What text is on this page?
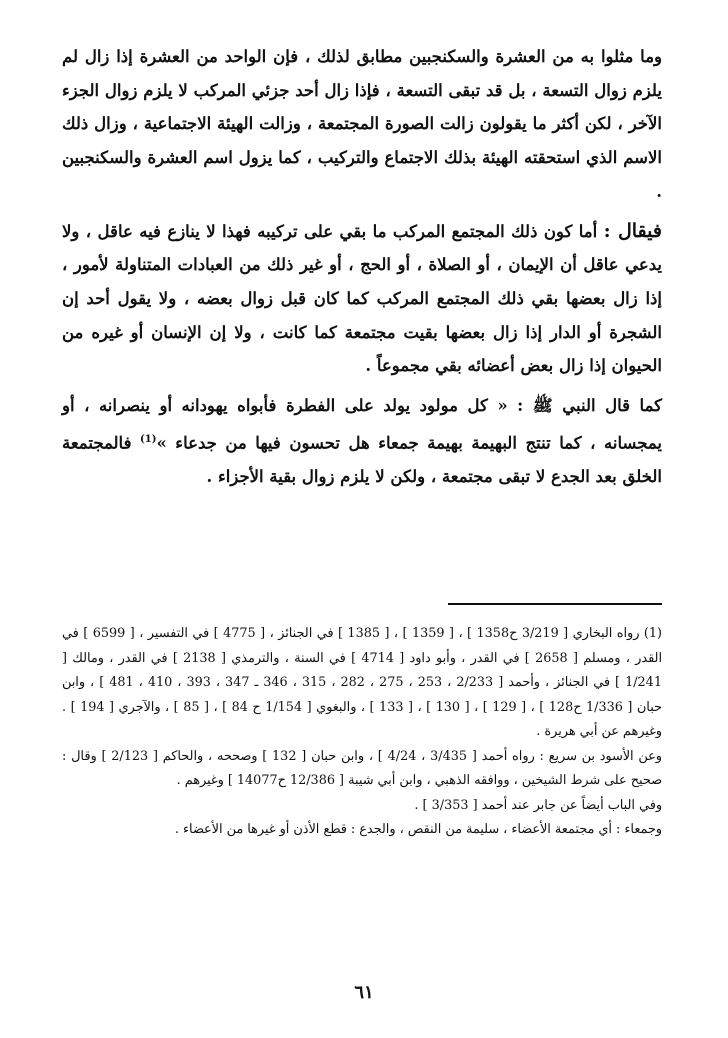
وما مثلوا به من العشرة والسكنجبين مطابق لذلك ، فإن الواحد من العشرة إذا زال لم يلزم زوال التسعة ، بل قد تبقى التسعة ، فإذا زال أحد جزئي المركب لا يلزم زوال الجزء الآخر ، لكن أكثر ما يقولون زالت الصورة المجتمعة ، وزالت الهيئة الاجتماعية ، وزال ذلك الاسم الذي استحقته الهيئة بذلك الاجتماع والتركيب ، كما يزول اسم العشرة والسكنجبين .

فيقال : أما كون ذلك المجتمع المركب ما بقي على تركيبه فهذا لا ينازع فيه عاقل ، ولا يدعي عاقل أن الإيمان ، أو الصلاة ، أو الحج ، أو غير ذلك من العبادات المتناولة لأمور ، إذا زال بعضها بقي ذلك المجتمع المركب كما كان قبل زوال بعضه ، ولا يقول أحد إن الشجرة أو الدار إذا زال بعضها بقيت مجتمعة كما كانت ، ولا إن الإنسان أو غيره من الحيوان إذا زال بعض أعضائه بقي مجموعاً .

كما قال النبي ﷺ : « كل مولود يولد على الفطرة فأبواه يهودانه أو ينصرانه ، أو يمجسانه ، كما تنتج البهيمة بهيمة جمعاء هل تحسون فيها من جدعاء »$^{(1)}$ فالمجتمعة الخلق بعد الجدع لا تبقى مجتمعة ، ولكن لا يلزم زوال بقية الأجزاء .

(1) رواه البخاري [ 3/219 ح1358 ] ، [ 1359 ] ، [ 1385 ] في الجنائز ، [ 4775 ] في التفسير ، [ 6599 ] في القدر ، ومسلم [ 2658 ] في القدر ، وأبو داود [ 4714 ] في السنة ، والترمذي [ 2138 ] في القدر ، ومالك [ 1/241 ] في الجنائز ، وأحمد [ 2/233 ، 253 ، 275 ، 282 ، 315 ، 346 ـ 347 ، 393 ، 410 ، 481 ] ، وابن حبان [ 1/336 ح128 ] ، [ 129 ] ، [ 130 ] ، [ 133 ] ، والبغوي [ 1/154 ح 84 ] ، [ 85 ] ، والآجري [ 194 ] . وغيرهم عن أبي هريرة .

وعن الأسود بن سريع : رواه أحمد [ 3/435 ، 4/24 ] ، وابن حبان [ 132 ] وصححه ، والحاكم [ 2/123 ] وقال : صحيح على شرط الشيخين ، ووافقه الذهبي ، وابن أبي شيبة [ 12/386 ح14077 ] وغيرهم .

وفي الباب أيضاً عن جابر عند أحمد [ 3/353 ] .

وجمعاء : أي مجتمعة الأعضاء ، سليمة من النقص ، والجدع : قطع الأذن أو غيرها من الأعضاء .

٦١
